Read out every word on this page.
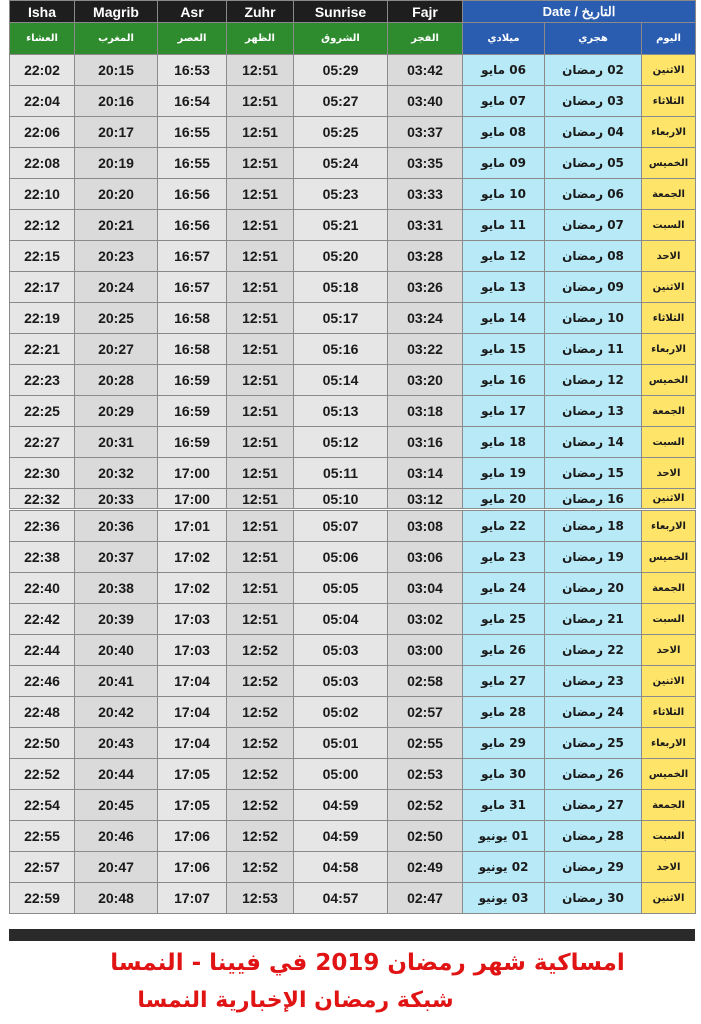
Isha	Magrib	Asr	Zuhr	Sunrise	Fajr	Date / التاريخ		
العشاء	المغرب	العصر	الظهر	الشروق	الفجر	ميلادي	هجري	اليوم
22:02	20:15	16:53	12:51	05:29	03:42	06 مايو	02 رمضان	الاثنين
22:04	20:16	16:54	12:51	05:27	03:40	07 مايو	03 رمضان	الثلاثاء
22:06	20:17	16:55	12:51	05:25	03:37	08 مايو	04 رمضان	الاربعاء
22:08	20:19	16:55	12:51	05:24	03:35	09 مايو	05 رمضان	الخميس
22:10	20:20	16:56	12:51	05:23	03:33	10 مايو	06 رمضان	الجمعة
22:12	20:21	16:56	12:51	05:21	03:31	11 مايو	07 رمضان	السبت
22:15	20:23	16:57	12:51	05:20	03:28	12 مايو	08 رمضان	الاحد
22:17	20:24	16:57	12:51	05:18	03:26	13 مايو	09 رمضان	الاثنين
22:19	20:25	16:58	12:51	05:17	03:24	14 مايو	10 رمضان	الثلاثاء
22:21	20:27	16:58	12:51	05:16	03:22	15 مايو	11 رمضان	الاربعاء
22:23	20:28	16:59	12:51	05:14	03:20	16 مايو	12 رمضان	الخميس
22:25	20:29	16:59	12:51	05:13	03:18	17 مايو	13 رمضان	الجمعة
22:27	20:31	16:59	12:51	05:12	03:16	18 مايو	14 رمضان	السبت
22:30	20:32	17:00	12:51	05:11	03:14	19 مايو	15 رمضان	الاحد
22:32	20:33	17:00	12:51	05:10	03:12	20 مايو	16 رمضان	الاثنين
22:36	20:36	17:01	12:51	05:07	03:08	22 مايو	18 رمضان	الاربعاء
22:38	20:37	17:02	12:51	05:06	03:06	23 مايو	19 رمضان	الخميس
22:40	20:38	17:02	12:51	05:05	03:04	24 مايو	20 رمضان	الجمعة
22:42	20:39	17:03	12:51	05:04	03:02	25 مايو	21 رمضان	السبت
22:44	20:40	17:03	12:52	05:03	03:00	26 مايو	22 رمضان	الاحد
22:46	20:41	17:04	12:52	05:03	02:58	27 مايو	23 رمضان	الاثنين
22:48	20:42	17:04	12:52	05:02	02:57	28 مايو	24 رمضان	الثلاثاء
22:50	20:43	17:04	12:52	05:01	02:55	29 مايو	25 رمضان	الاربعاء
22:52	20:44	17:05	12:52	05:00	02:53	30 مايو	26 رمضان	الخميس
22:54	20:45	17:05	12:52	04:59	02:52	31 مايو	27 رمضان	الجمعة
22:55	20:46	17:06	12:52	04:59	02:50	01 يونيو	28 رمضان	السبت
22:57	20:47	17:06	12:52	04:58	02:49	02 يونيو	29 رمضان	الاحد
22:59	20:48	17:07	12:53	04:57	02:47	03 يونيو	30 رمضان	الاثنين
امساكية شهر رمضان 2019 في فيينا - النمسا
شبكة رمضان الإخبارية النمسا
